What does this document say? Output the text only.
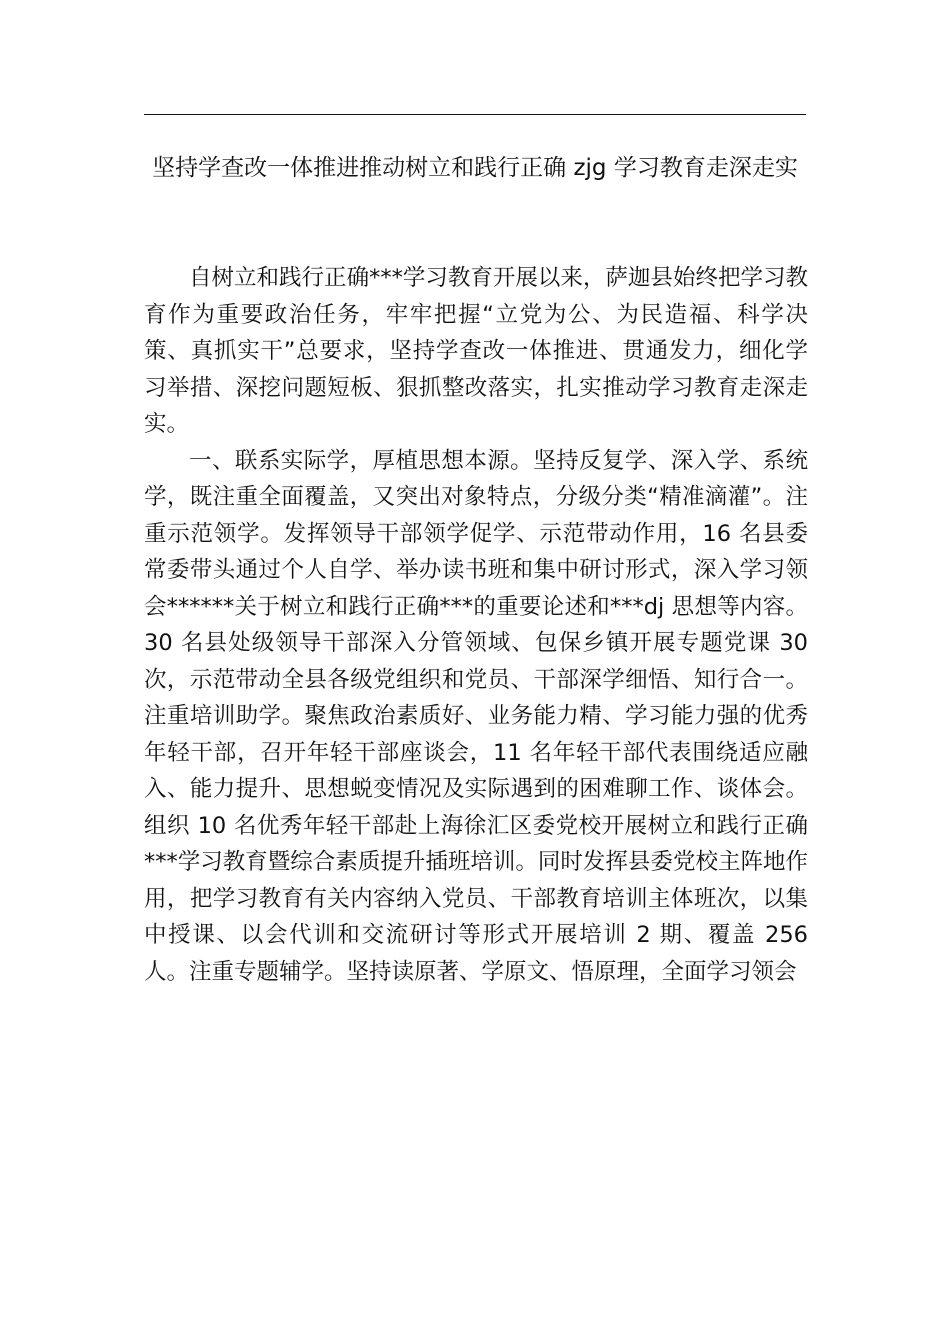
坚持学查改一体推进推动树立和践行正确 zjg 学习教育走深走实

自树立和践行正确***学习教育开展以来，萨迦县始终把学习教育作为重要政治任务，牢牢把握“立党为公、为民造福、科学决策、真抓实干”总要求，坚持学查改一体推进、贯通发力，细化学习举措、深挖问题短板、狠抓整改落实，扎实推动学习教育走深走实。

一、联系实际学，厚植思想本源。坚持反复学、深入学、系统学，既注重全面覆盖，又突出对象特点，分级分类“精准滴灌”。注重示范领学。发挥领导干部领学促学、示范带动作用，16 名县委常委带头通过个人自学、举办读书班和集中研讨形式，深入学习领会******关于树立和践行正确***的重要论述和***dj 思想等内容。30 名县处级领导干部深入分管领域、包保乡镇开展专题党课 30 次，示范带动全县各级党组织和党员、干部深学细悟、知行合一。注重培训助学。聚焦政治素质好、业务能力精、学习能力强的优秀年轻干部，召开年轻干部座谈会，11 名年轻干部代表围绕适应融入、能力提升、思想蜕变情况及实际遇到的困难聊工作、谈体会。组织 10 名优秀年轻干部赴上海徐汇区委党校开展树立和践行正确***学习教育暨综合素质提升插班培训。同时发挥县委党校主阵地作用，把学习教育有关内容纳入党员、干部教育培训主体班次，以集中授课、以会代训和交流研讨等形式开展培训 2 期、覆盖 256 人。注重专题辅学。坚持读原著、学原文、悟原理，全面学习领会
